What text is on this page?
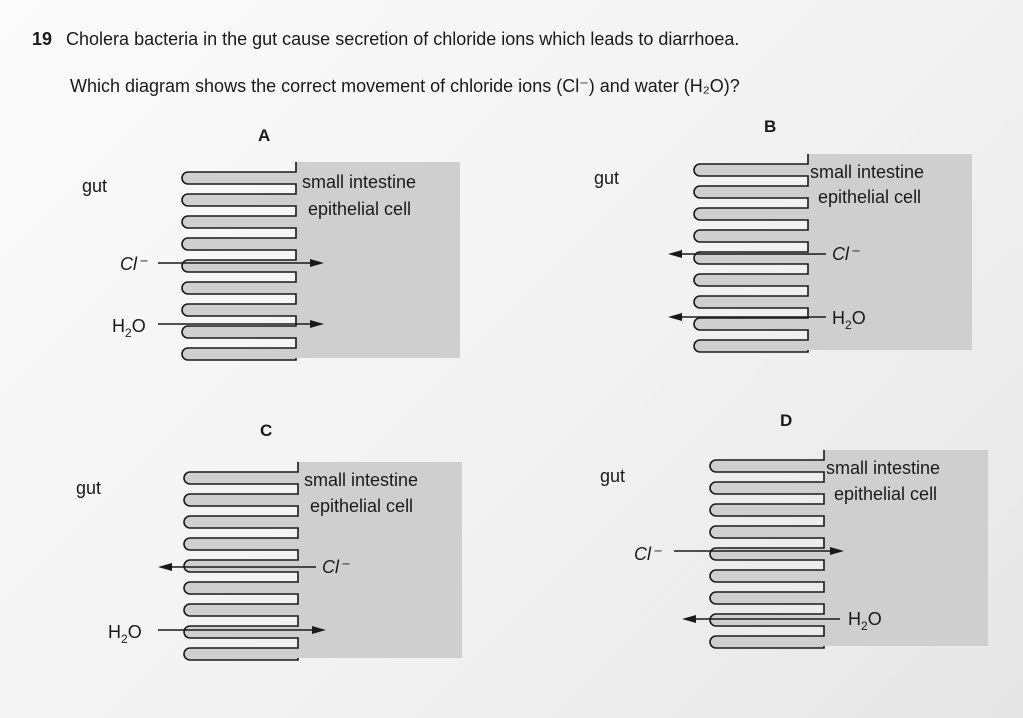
19 Cholera bacteria in the gut cause secretion of chloride ions which leads to diarrhoea.
Which diagram shows the correct movement of chloride ions (Cl⁻) and water (H₂O)?
A	B
C
D
gut	small intestine
epithelial cell
Cl⁻
$H_2O$
gut	small intestine
epithelial cell
Cl⁻
$H_2O$
gut	small intestine
epithelial cell
Cl⁻
$H_2O$
gut	small intestine
epithelial cell
Cl⁻
$H_2O$
